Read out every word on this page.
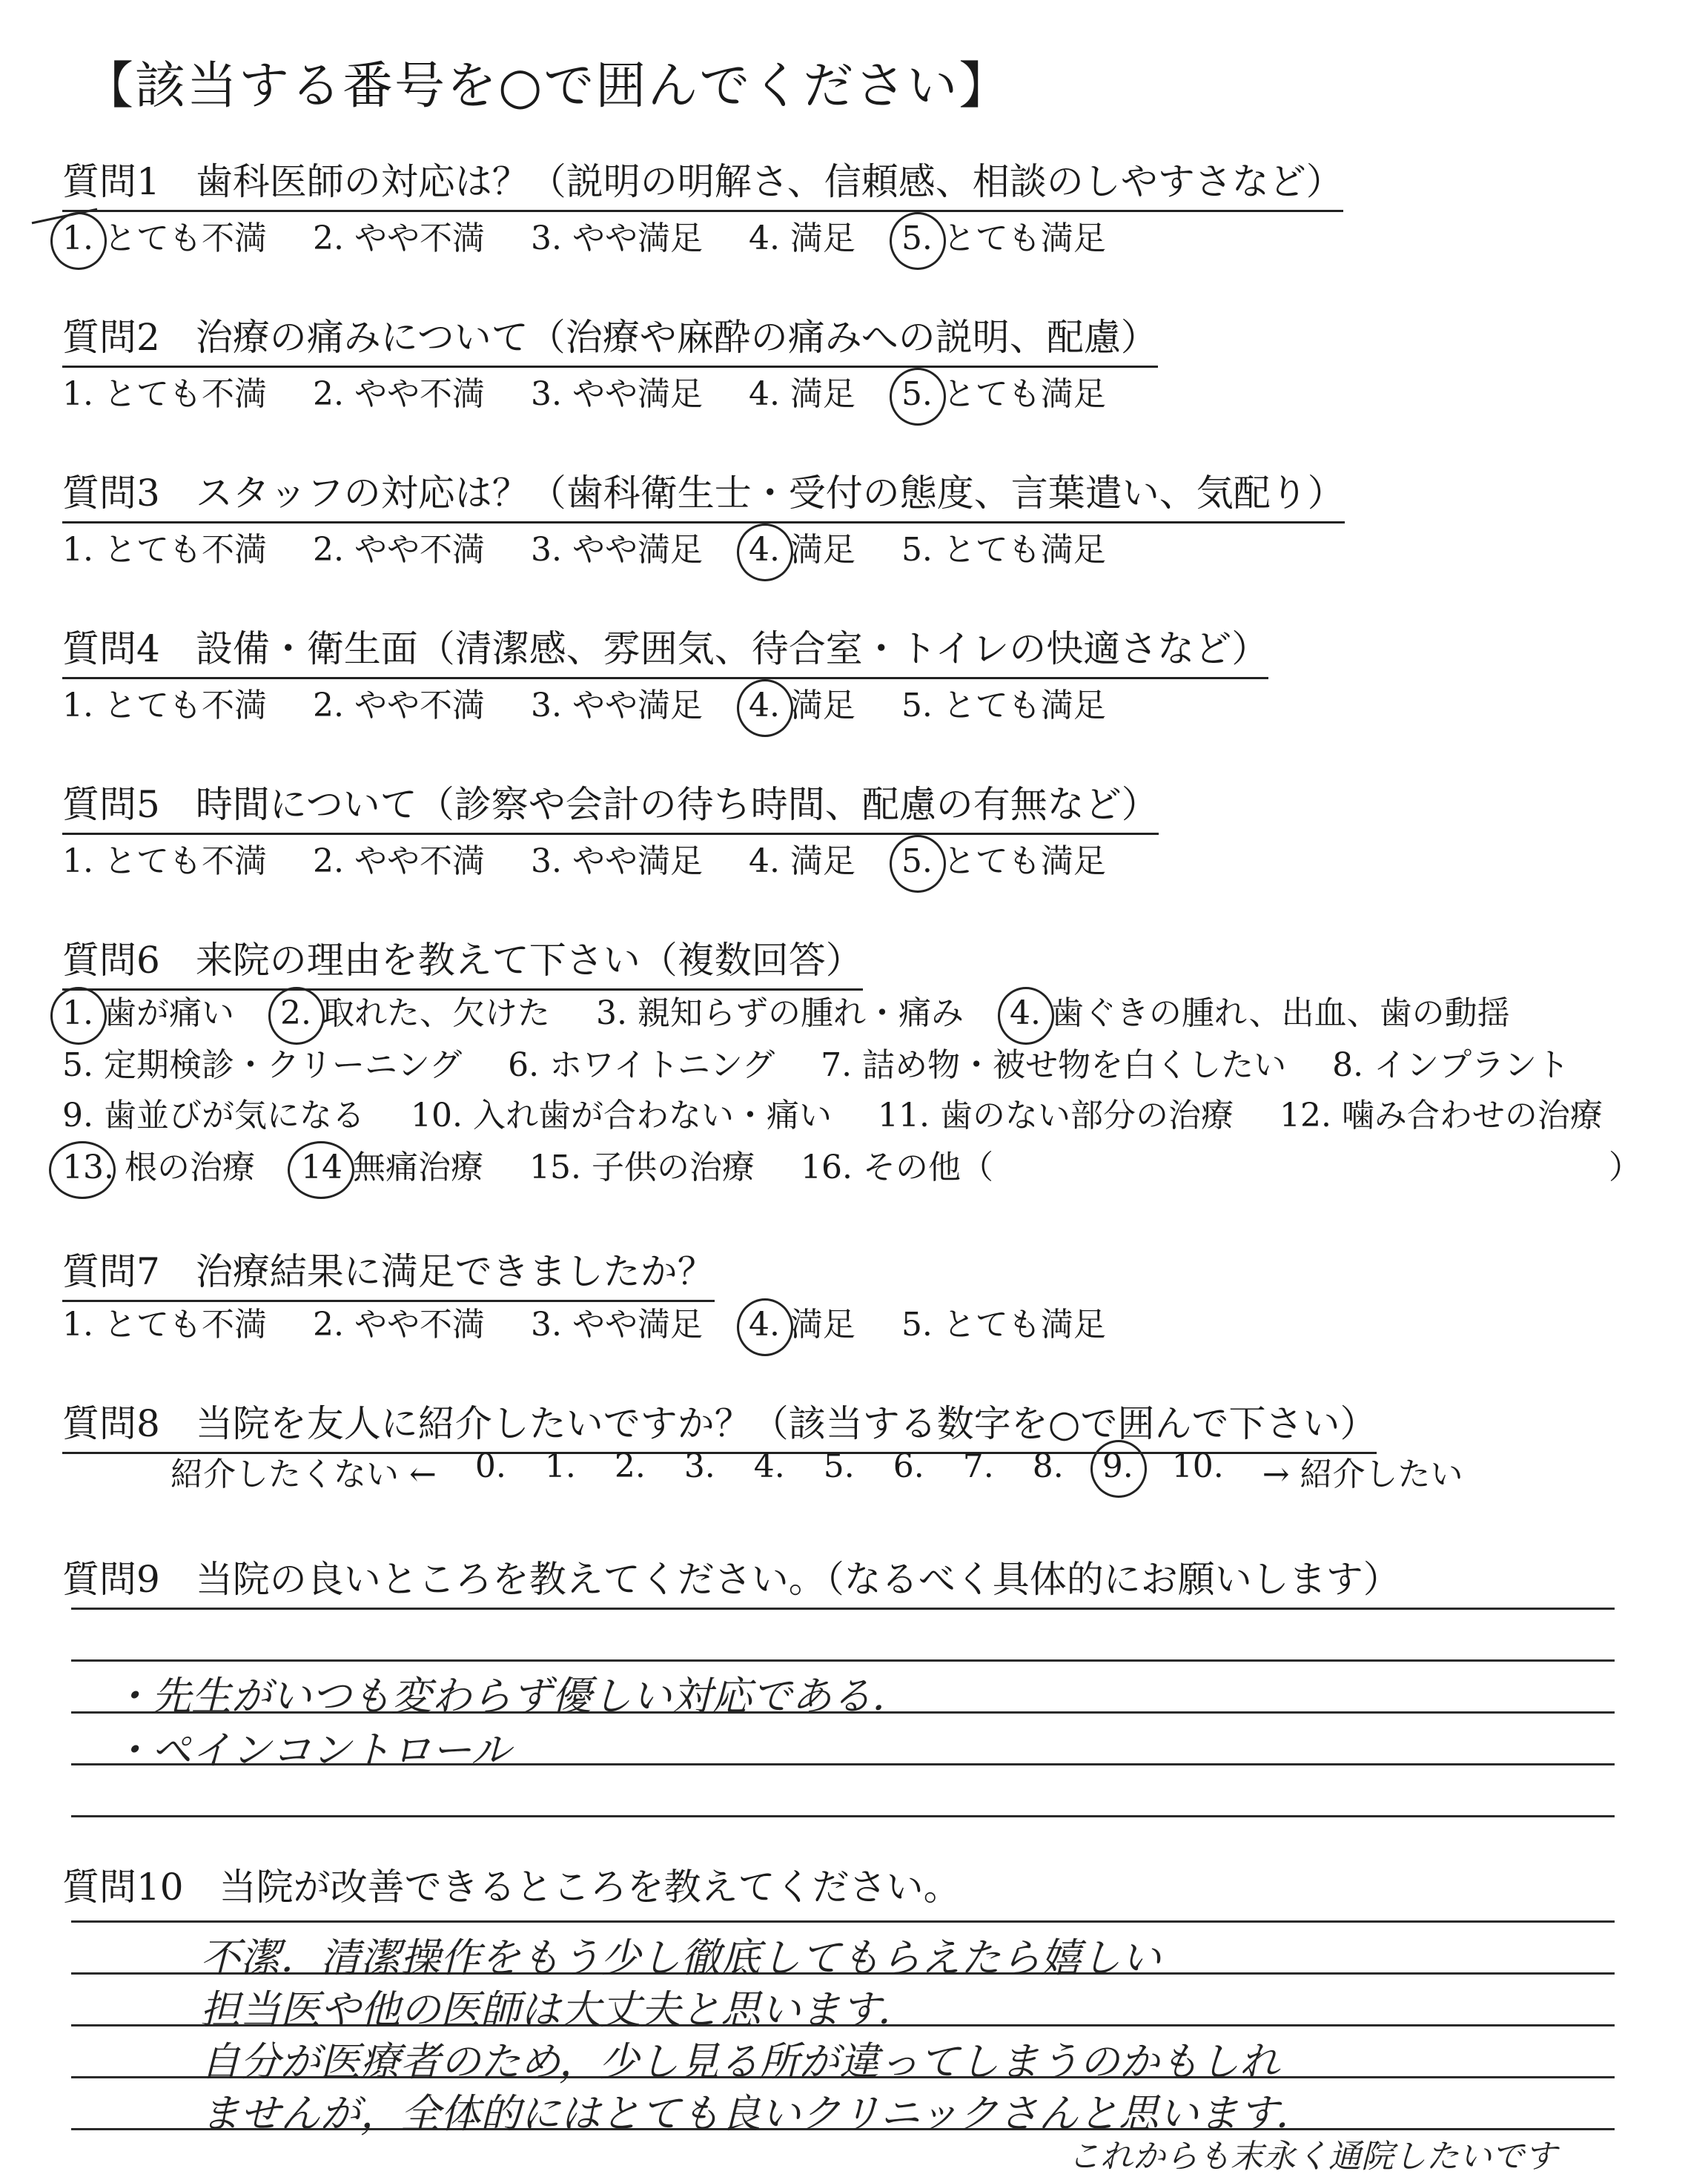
【該当する番号を○で囲んでください】
質問1 歯科医師の対応は？（説明の明解さ、信頼感、相談のしやすさなど）
1. とても不満 2. やや不満 3. やや満足 4. 満足 5. とても満足
質問2 治療の痛みについて（治療や麻酔の痛みへの説明、配慮）
1. とても不満 2. やや不満 3. やや満足 4. 満足 5. とても満足
質問3 スタッフの対応は？（歯科衛生士・受付の態度、言葉遣い、気配り）
1. とても不満 2. やや不満 3. やや満足 4. 満足 5. とても満足
質問4 設備・衛生面（清潔感、雰囲気、待合室・トイレの快適さなど）
1. とても不満 2. やや不満 3. やや満足 4. 満足 5. とても満足
質問5 時間について（診察や会計の待ち時間、配慮の有無など）
1. とても不満 2. やや不満 3. やや満足 4. 満足 5. とても満足
質問6 来院の理由を教えて下さい（複数回答）
1. 歯が痛い 2. 取れた、欠けた 3. 親知らずの腫れ・痛み 4. 歯ぐきの腫れ、出血、歯の動揺
5. 定期検診・クリーニング 6. ホワイトニング 7. 詰め物・被せ物を白くしたい 8. インプラント
9. 歯並びが気になる 10. 入れ歯が合わない・痛い 11. 歯のない部分の治療 12. 噛み合わせの治療
13. 根の治療 14 無痛治療 15. 子供の治療 16. その他（	）
質問7 治療結果に満足できましたか？
1. とても不満 2. やや不満 3. やや満足 4. 満足 5. とても満足
質問8 当院を友人に紹介したいですか？（該当する数字を○で囲んで下さい）
紹介したくない ← 0. 1. 2. 3. 4. 5. 6. 7. 8. 9. 10. → 紹介したい
質問9 当院の良いところを教えてください。（なるべく具体的にお願いします）
・先生がいつも変わらず優しい対応である．
・ペインコントロール
質問10 当院が改善できるところを教えてください。
不潔．清潔操作をもう少し徹底してもらえたら嬉しい
担当医や他の医師は大丈夫と思います．
自分が医療者のため，少し見る所が違ってしまうのかもしれ
ませんが，全体的にはとても良いクリニックさんと思います．
これからも末永く通院したいです
